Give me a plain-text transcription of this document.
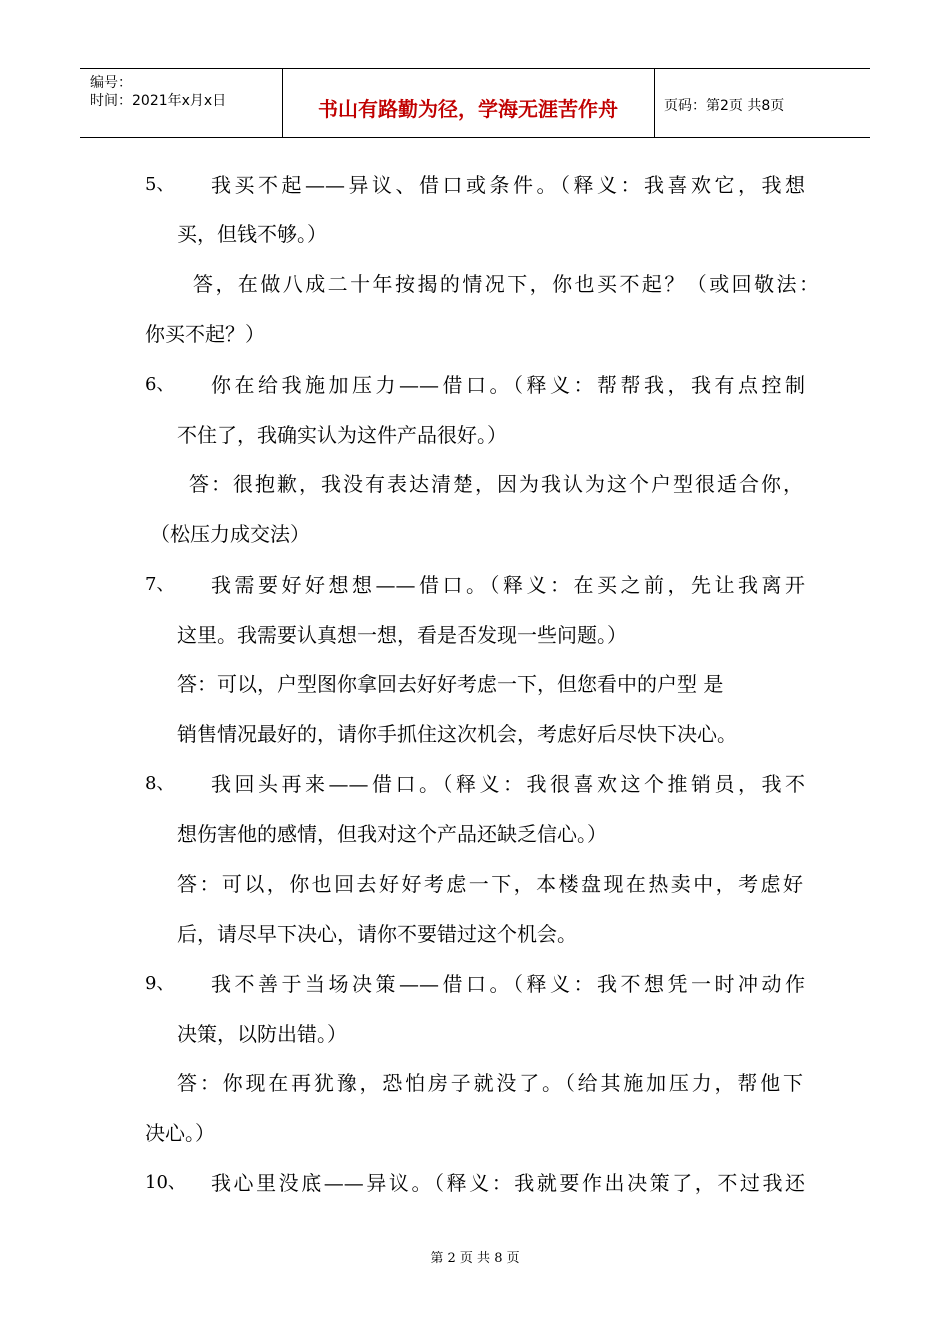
编号：
时间：2021年x月x日	书山有路勤为径，学海无涯苦作舟	页码：第2页 共8页
5、 我买不起——异议、借口或条件。（释义：我喜欢它，我想
买，但钱不够。）
答，在做八成二十年按揭的情况下，你也买不起？（或回敬法：
你买不起？）
6、 你在给我施加压力——借口。（释义：帮帮我，我有点控制
不住了，我确实认为这件产品很好。）
答：很抱歉，我没有表达清楚，因为我认为这个户型很适合你，
（松压力成交法）
7、 我需要好好想想——借口。（释义：在买之前，先让我离开
这里。我需要认真想一想，看是否发现一些问题。）
答：可以，户型图你拿回去好好考虑一下，但您看中的户型 是
销售情况最好的，请你手抓住这次机会，考虑好后尽快下决心。
8、 我回头再来——借口。（释义：我很喜欢这个推销员，我不
想伤害他的感情，但我对这个产品还缺乏信心。）
答：可以，你也回去好好考虑一下，本楼盘现在热卖中，考虑好
后，请尽早下决心，请你不要错过这个机会。
9、 我不善于当场决策——借口。（释义：我不想凭一时冲动作
决策，以防出错。）
答：你现在再犹豫，恐怕房子就没了。（给其施加压力，帮他下
决心。）
10、 我心里没底——异议。（释义：我就要作出决策了，不过我还
第 2 页 共 8 页
